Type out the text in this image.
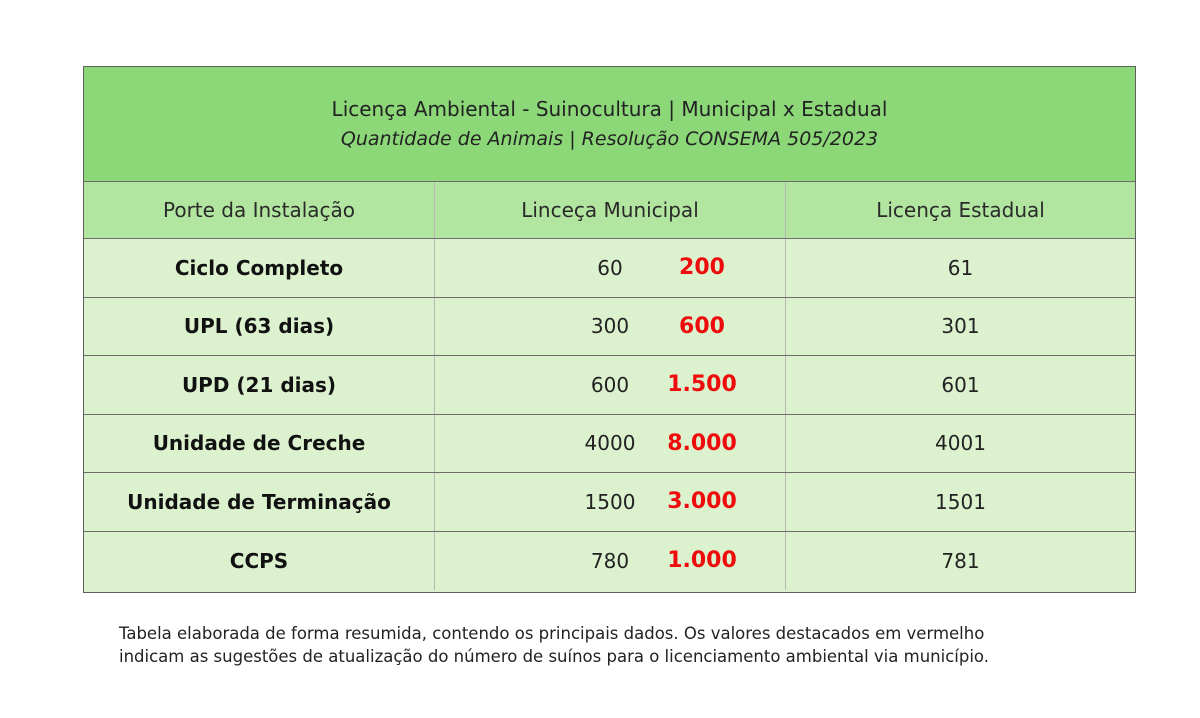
Licença Ambiental - Suinocultura | Municipal x Estadual
Quantidade de Animais | Resolução CONSEMA 505/2023
Porte da Instalação	Linceça Municipal	Licença Estadual
Ciclo Completo	60	200	61
UPL (63 dias)	300	600	301
UPD (21 dias)	600	1.500	601
Unidade de Creche	4000	8.000	4001
Unidade de Terminação	1500	3.000	1501
CCPS	780	1.000	781
Tabela elaborada de forma resumida, contendo os principais dados. Os valores destacados em vermelho
indicam as sugestões de atualização do número de suínos para o licenciamento ambiental via município.
